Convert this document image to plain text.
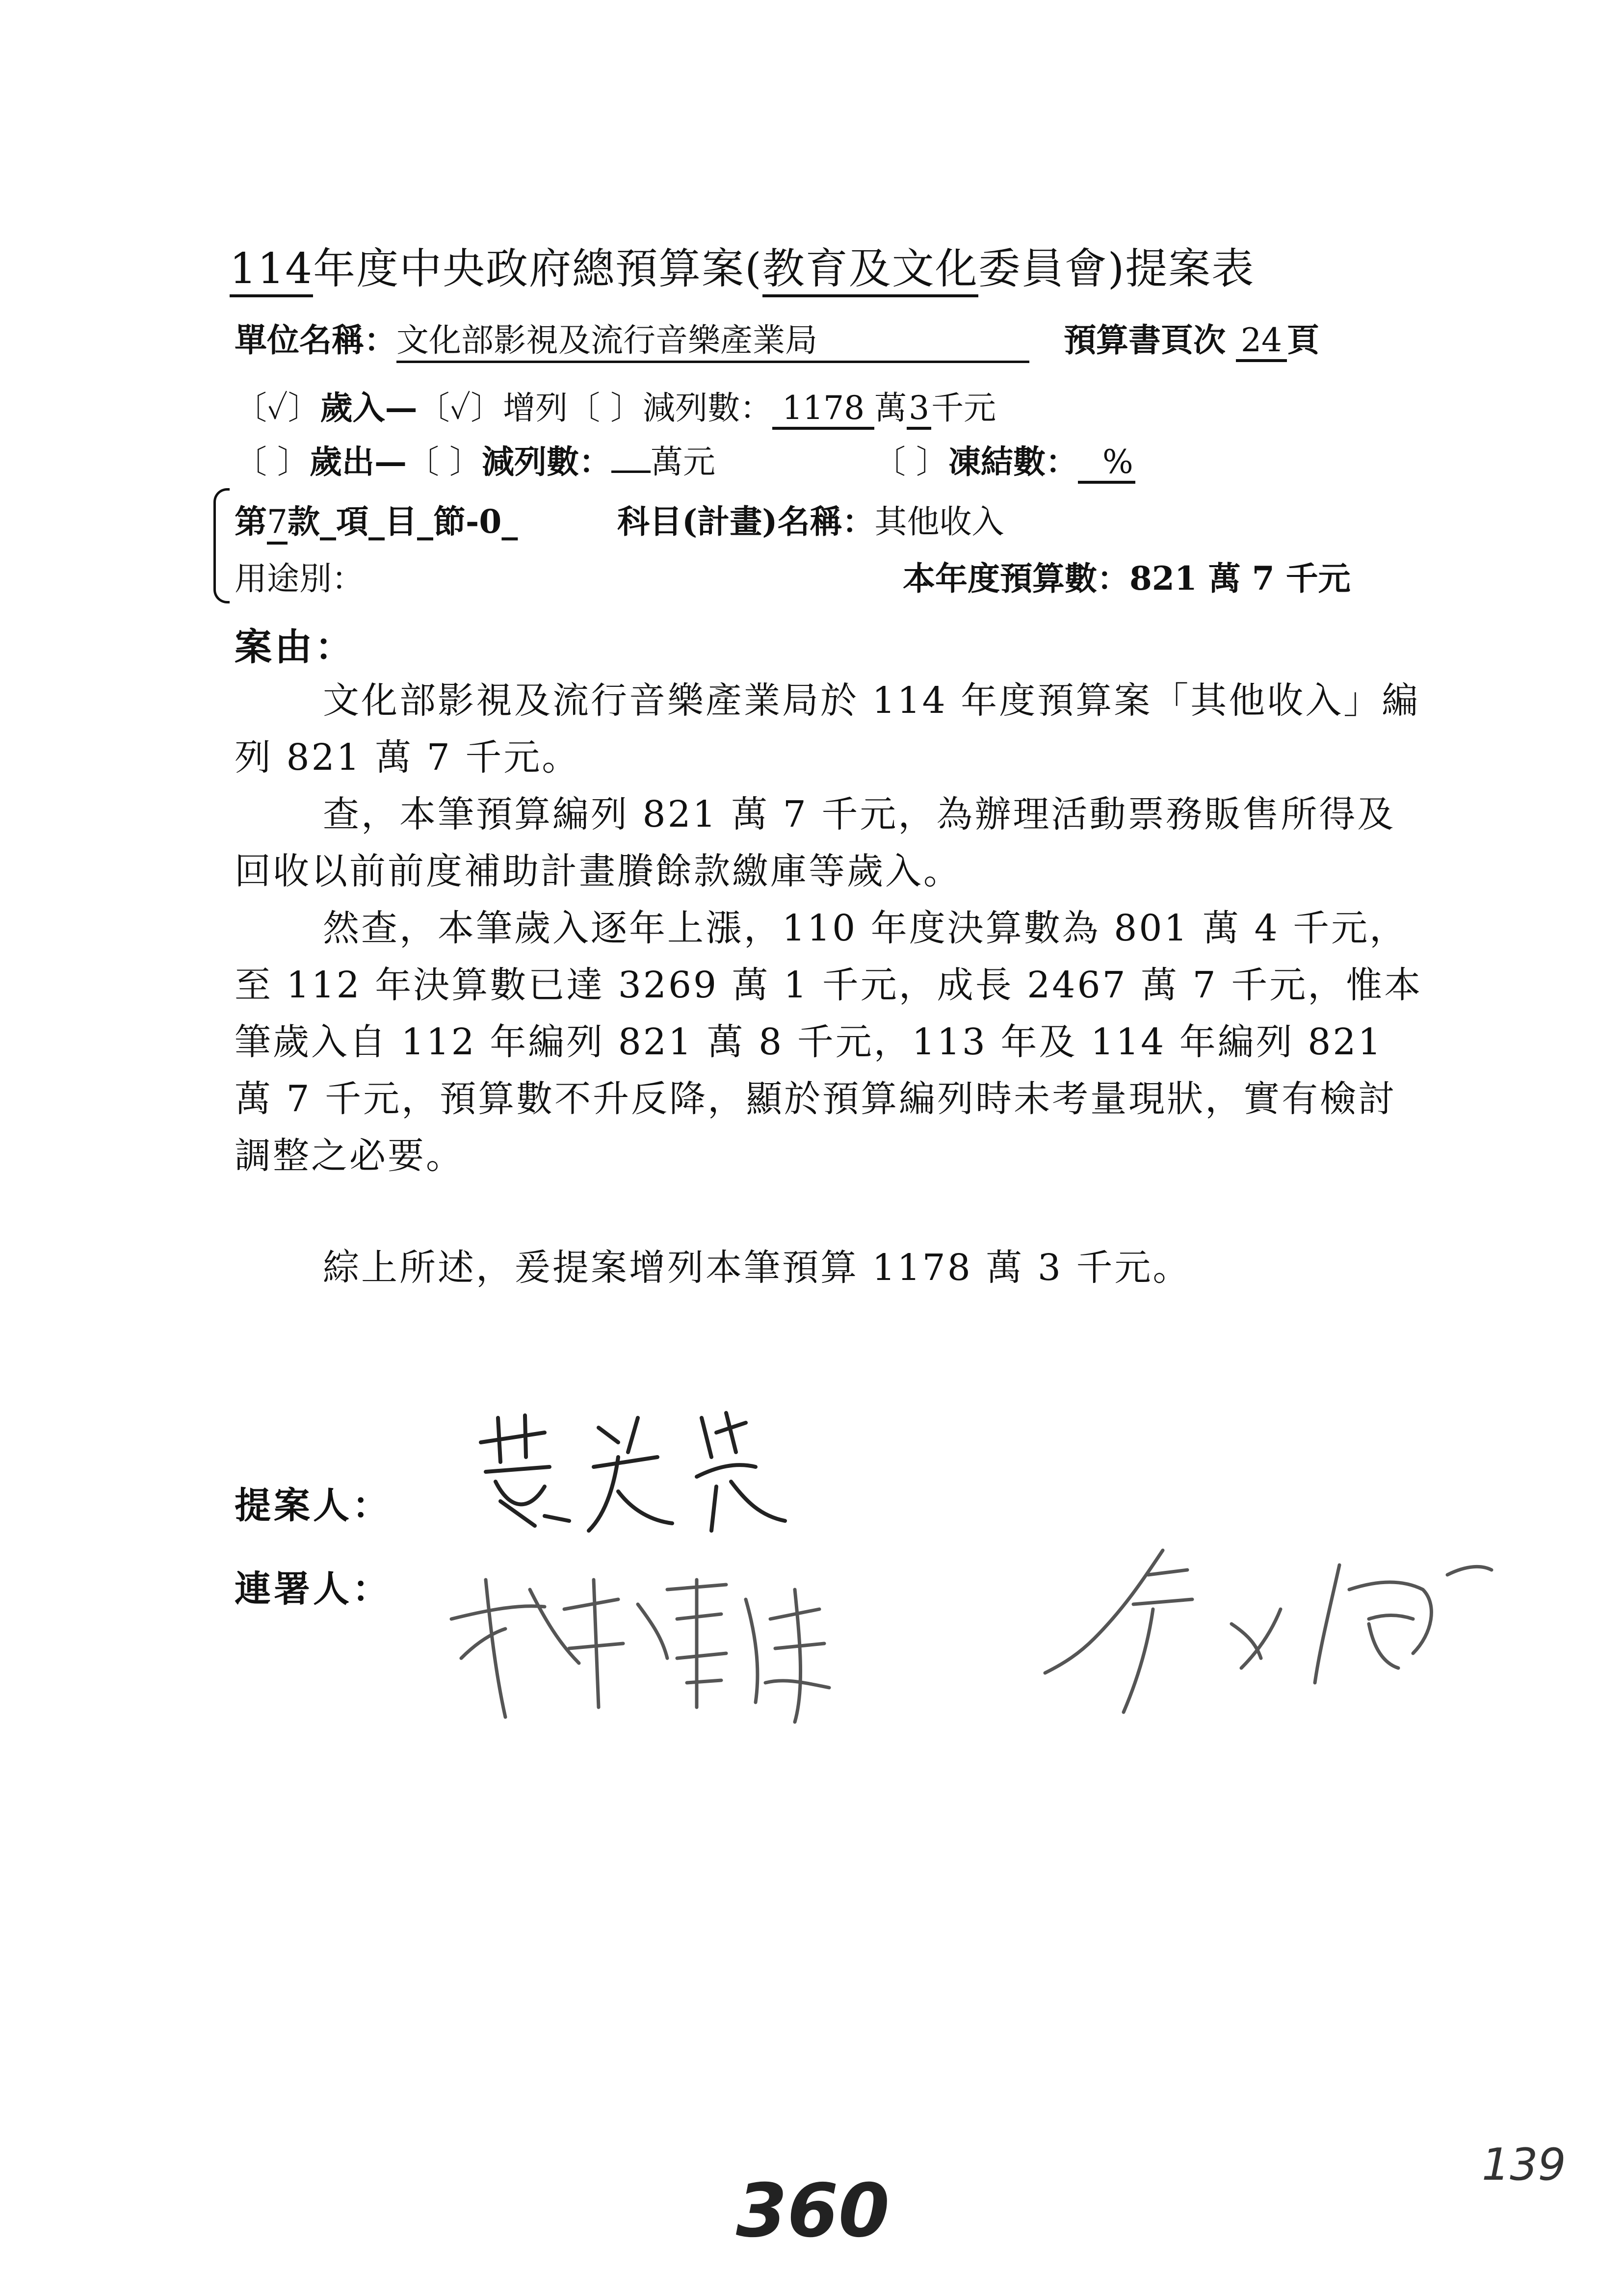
114年度中央政府總預算案(教育及文化委員會)提案表
單位名稱：文化部影視及流行音樂產業局	預算書頁次 24 頁
〔✓〕歲入—〔✓〕增列〔 〕減列數： 1178 萬3千元
〔 〕歲出—〔 〕減列數： 萬元	〔 〕凍結數： %
第7款_項_目_節-0_	科目(計畫)名稱：其他收入
用途別：	本年度預算數：821 萬 7 千元
案由：
文化部影視及流行音樂產業局於 114 年度預算案「其他收入」編列 821 萬 7 千元。
查，本筆預算編列 821 萬 7 千元，為辦理活動票務販售所得及回收以前前度補助計畫賸餘款繳庫等歲入。
然查，本筆歲入逐年上漲，110 年度決算數為 801 萬 4 千元，至 112 年決算數已達 3269 萬 1 千元，成長 2467 萬 7 千元，惟本筆歲入自 112 年編列 821 萬 8 千元，113 年及 114 年編列 821 萬 7 千元，預算數不升反降，顯於預算編列時未考量現狀，實有檢討調整之必要。
綜上所述，爰提案增列本筆預算 1178 萬 3 千元。
提案人：
連署人：
360
139
